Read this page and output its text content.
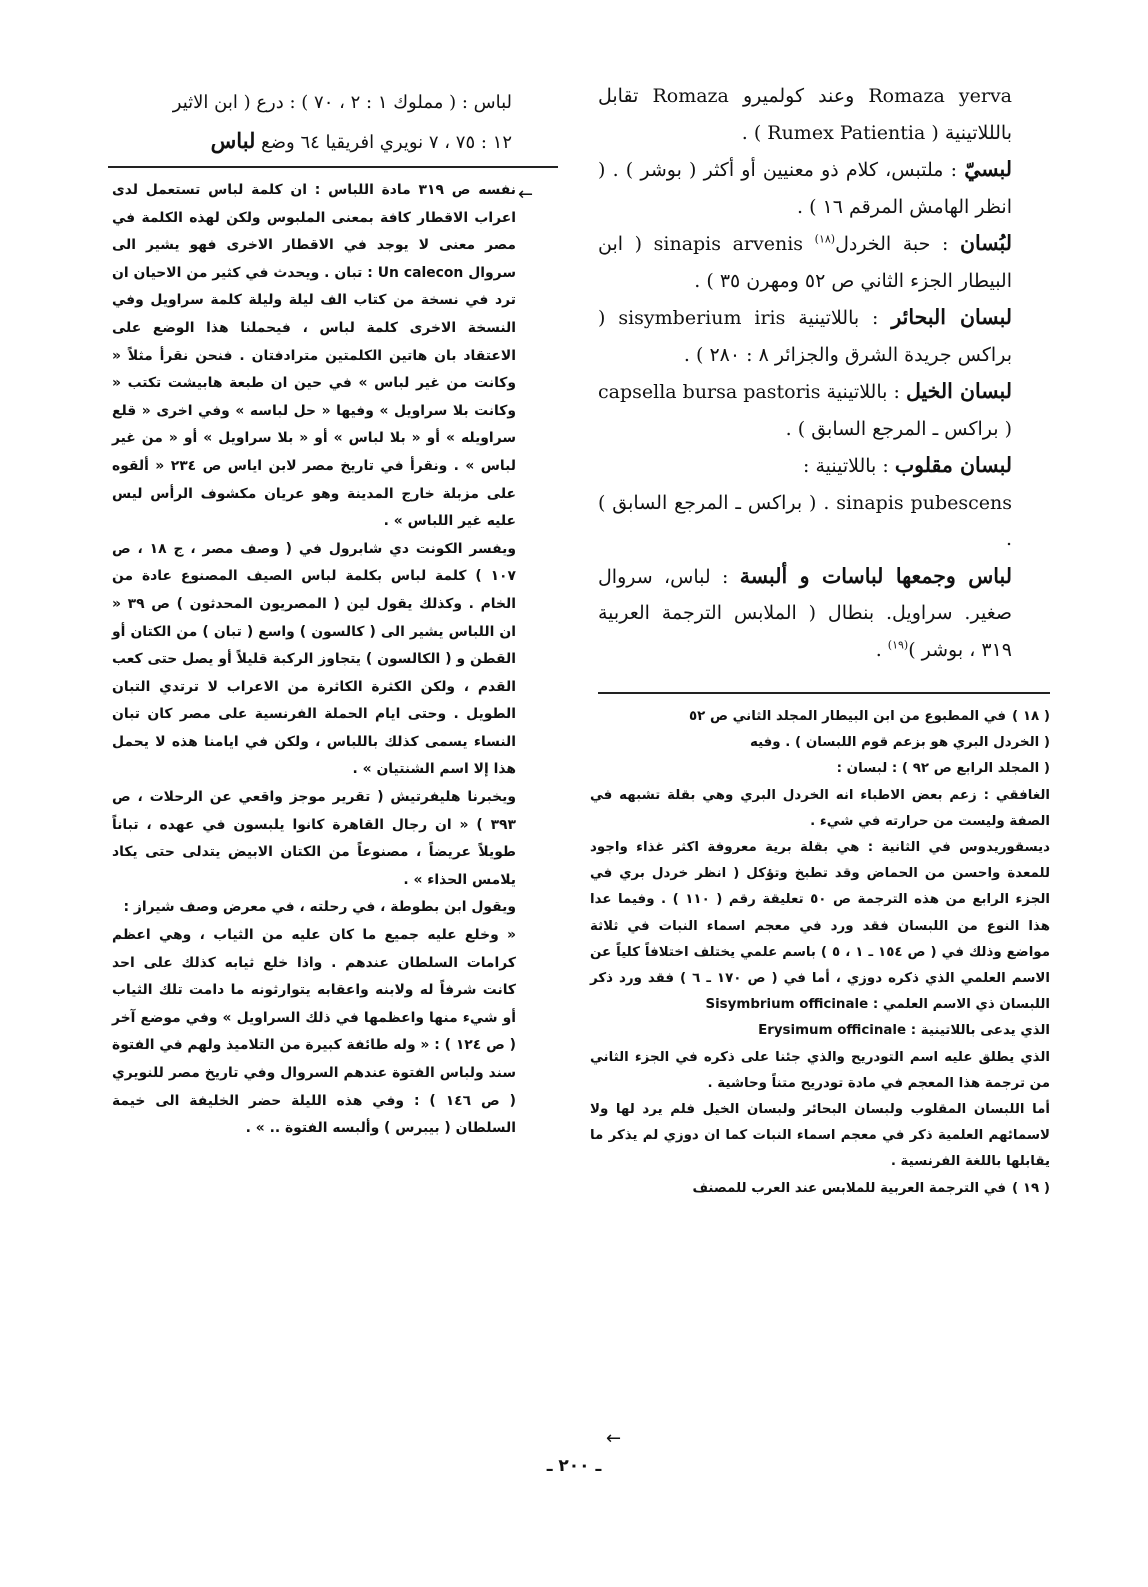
Romaza yerva وعند كولميرو Romaza تقابل بالللاتينية ( Rumex Patientia ) .

لبسيّ : ملتبس، كلام ذو معنيين أو أكثر ( بوشر ) . ( انظر الهامش المرقم ١٦ ) .

لبُسان : حبة الخردل$^{(١٨)}$ sinapis arvenis ( ابن البيطار الجزء الثاني ص ٥٢ ومهرن ٣٥ ) .

لبسان البحائر : باللاتينية sisymberium iris ( براكس جريدة الشرق والجزائر ٨ : ٢٨٠ ) .

لبسان الخيل : باللاتينية capsella bursa pastoris ( براكس ـ المرجع السابق ) .

لبسان مقلوب : باللاتينية :
sinapis pubescens . ( براكس ـ المرجع السابق ) .

لباس وجمعها لباسات و ألبسة : لباس، سروال صغير. سراويل. بنطال ( الملابس الترجمة العربية ٣١٩ ، بوشر )$^{(١٩)}$ .

( ١٨ )في المطبوع من ابن البيطار المجلد الثاني ص ٥٢
( الخردل البري هو بزعم قوم اللبسان ) . وفيه
( المجلد الرابع ص ٩٢ ) : لبسان :

الغافقي : زعم بعض الاطباء انه الخردل البري وهي بقلة تشبهه في الصفة وليست من حرارته في شيء .

ديسقوريدوس في الثانية : هي بقلة برية معروفة اكثر غذاء واجود للمعدة واحسن من الحماض وقد تطبخ وتؤكل ( انظر خردل بري في الجزء الرابع من هذه الترجمة ص ٥٠ تعليقة رقم ( ١١٠ ) . وفيما عدا هذا النوع من اللبسان فقد ورد في معجم اسماء النبات في ثلاثة مواضع وذلك في ( ص ١٥٤ ـ ١ ، ٥ ) باسم علمي يختلف اختلافاً كلياً عن الاسم العلمي الذي ذكره دوزي ، أما في ( ص ١٧٠ ـ ٦ ) فقد ورد ذكر اللبسان ذي الاسم العلمي : Sisymbrium officinale

الذي يدعى باللاتينية : Erysimum officinale

الذي يطلق عليه اسم التودريح والذي جئنا على ذكره في الجزء الثاني من ترجمة هذا المعجم في مادة تودريح متناً وحاشية .

أما اللبسان المقلوب ولبسان البحائر ولبسان الخيل فلم يرد لها ولا لاسمائهم العلمية ذكر في معجم اسماء النبات كما ان دوزي لم يذكر ما يقابلها باللغة الفرنسية .

( ١٩ )في الترجمة العربية للملابس عند العرب للمصنف

لباس : ( مملوك ١ : ٢ ، ٧٠ ) : درع ( ابن الاثير
١٢ : ٧٥ ، ٧ نويري افريقيا ٦٤ وضع لباس

←

نفسه ص ٣١٩ مادة اللباس : ان كلمة لباس تستعمل لدى اعراب الاقطار كافة بمعنى الملبوس ولكن لهذه الكلمة في مصر معنى لا يوجد في الاقطار الاخرى فهو يشير الى سروال Un calecon : تبان . ويحدث في كثير من الاحيان ان ترد في نسخة من كتاب الف ليلة وليلة كلمة سراويل وفي النسخة الاخرى كلمة لباس ، فيحملنا هذا الوضع على الاعتقاد بان هاتين الكلمتين مترادفتان . فنحن نقرأ مثلاً « وكانت من غير لباس » في حين ان طبعة هابيشت تكتب « وكانت بلا سراويل » وفيها « حل لباسه » وفي اخرى « قلع سراويله » أو « بلا لباس » أو « بلا سراويل » أو « من غير لباس » . ونقرأ في تاريخ مصر لابن اياس ص ٢٣٤ « ألقوه على مزبلة خارج المدينة وهو عريان مكشوف الرأس ليس عليه غير اللباس » .

ويفسر الكونت دي شابرول في ( وصف مصر ، ج ١٨ ، ص ١٠٧ ) كلمة لباس بكلمة لباس الصيف المصنوع عادة من الخام . وكذلك يقول لين ( المصريون المحدثون ) ص ٣٩ « ان اللباس يشير الى ( كالسون ) واسع ( تبان ) من الكتان أو القطن و ( الكالسون ) يتجاوز الركبة قليلاً أو يصل حتى كعب القدم ، ولكن الكثرة الكاثرة من الاعراب لا ترتدي التبان الطويل . وحتى ايام الحملة الفرنسية على مصر كان تبان النساء يسمى كذلك باللباس ، ولكن في ايامنا هذه لا يحمل هذا إلا اسم الشنتيان » .

ويخبرنا هليفرتيش ( تقرير موجز واقعي عن الرحلات ، ص ٣٩٣ ) « ان رجال القاهرة كانوا يلبسون في عهده ، تباناً طويلاً عريضاً ، مصنوعاً من الكتان الابيض يتدلى حتى يكاد يلامس الحذاء » .

ويقول ابن بطوطة ، في رحلته ، في معرض وصف شيراز :

« وخلع عليه جميع ما كان عليه من الثياب ، وهي اعظم كرامات السلطان عندهم . واذا خلع ثيابه كذلك على احد كانت شرفاً له ولابنه واعقابه يتوارثونه ما دامت تلك الثياب أو شيء منها واعظمها في ذلك السراويل » وفي موضع آخر ( ص ١٢٤ ) : « وله طائفة كبيرة من التلاميذ ولهم في الفتوة سند ولباس الفتوة عندهم السروال وفي تاريخ مصر للنويري ( ص ١٤٦ ) : وفي هذه الليلة حضر الخليفة الى خيمة السلطان ( بيبرس ) وألبسه الفتوة .. » .

←
ـ ٢٠٠ ـ
